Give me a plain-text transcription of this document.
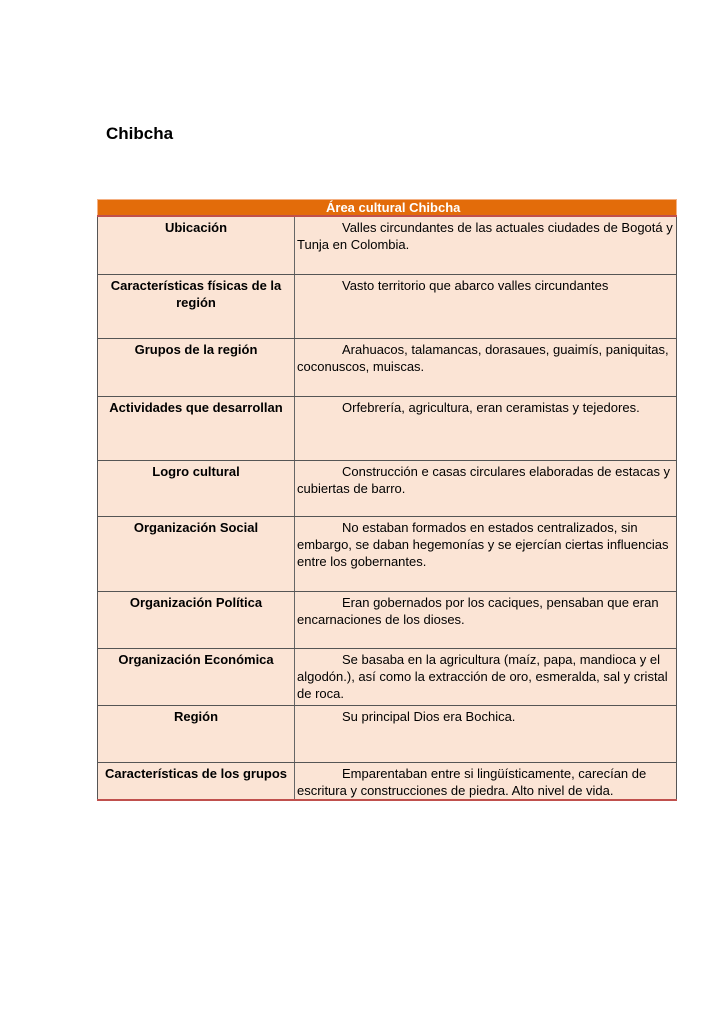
Chibcha
Área cultural Chibcha	
Ubicación	Valles circundantes de las actuales ciudades de Bogotá y Tunja en Colombia.
Características físicas de la región	Vasto territorio que abarco valles circundantes
Grupos de la región	Arahuacos, talamancas, dorasaues, guaimís, paniquitas, coconuscos, muiscas.
Actividades que desarrollan	Orfebrería, agricultura, eran ceramistas y tejedores.
Logro cultural	Construcción e casas circulares elaboradas de estacas y cubiertas de barro.
Organización Social	No estaban formados en estados centralizados, sin embargo, se daban hegemonías y se ejercían ciertas influencias entre los gobernantes.
Organización Política	Eran gobernados por los caciques, pensaban que eran encarnaciones de los dioses.
Organización Económica	Se basaba en la agricultura (maíz, papa, mandioca y el algodón.), así como la extracción de oro, esmeralda, sal y cristal de roca.
Región	Su principal Dios era Bochica.
Características de los grupos	Emparentaban entre si lingüísticamente, carecían de escritura y construcciones de piedra. Alto nivel de vida.
